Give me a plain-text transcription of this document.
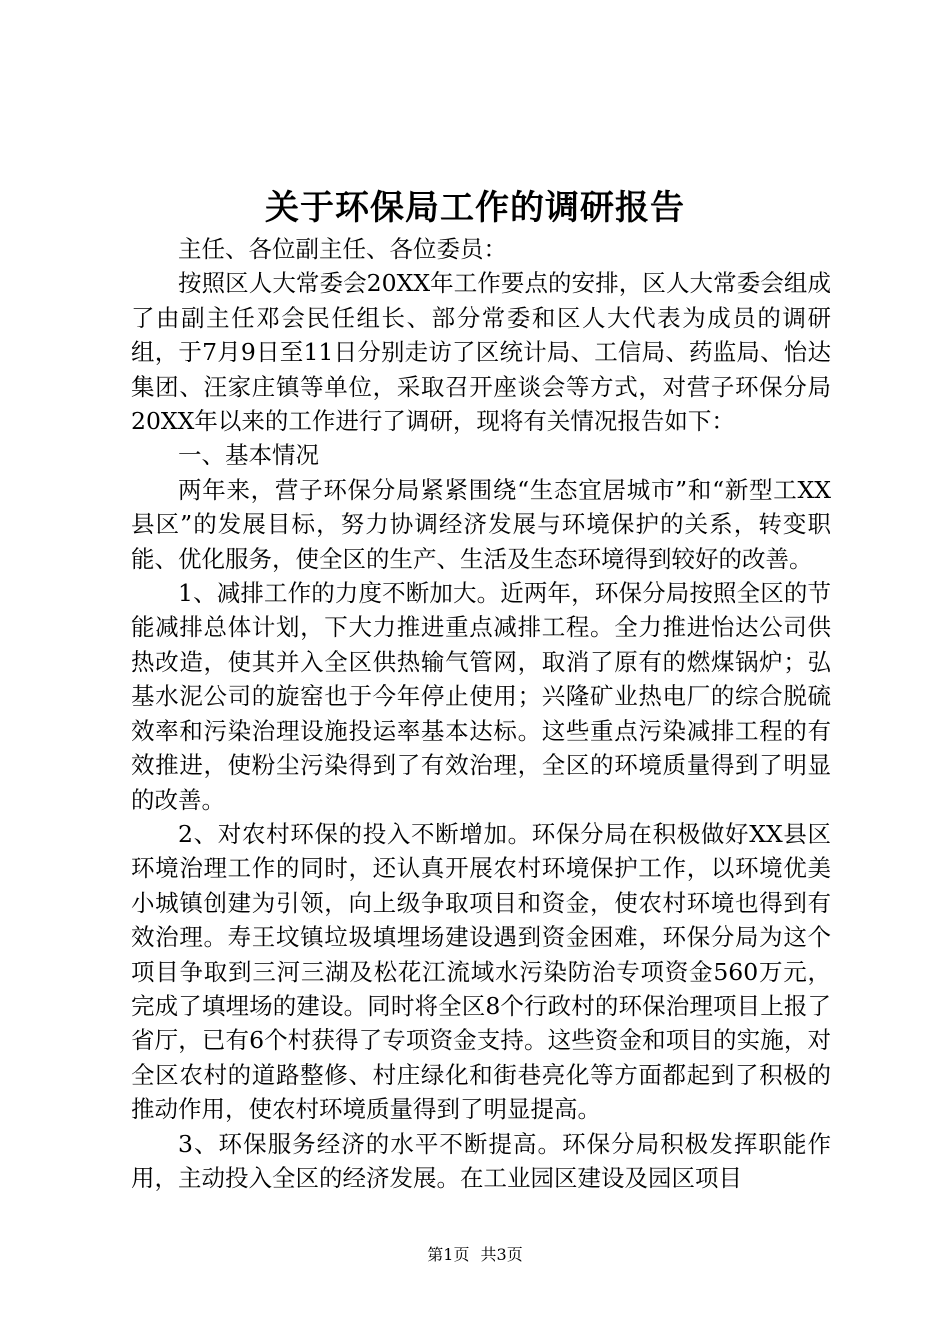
关于环保局工作的调研报告

主任、各位副主任、各位委员：

按照区人大常委会20XX年工作要点的安排，区人大常委会组成了由副主任邓会民任组长、部分常委和区人大代表为成员的调研组，于7月9日至11日分别走访了区统计局、工信局、药监局、怡达集团、汪家庄镇等单位，采取召开座谈会等方式，对营子环保分局20XX年以来的工作进行了调研，现将有关情况报告如下：

一、基本情况

两年来，营子环保分局紧紧围绕“生态宜居城市”和“新型工XX县区”的发展目标，努力协调经济发展与环境保护的关系，转变职能、优化服务，使全区的生产、生活及生态环境得到较好的改善。

1、减排工作的力度不断加大。近两年，环保分局按照全区的节能减排总体计划，下大力推进重点减排工程。全力推进怡达公司供热改造，使其并入全区供热输气管网，取消了原有的燃煤锅炉；弘基水泥公司的旋窑也于今年停止使用；兴隆矿业热电厂的综合脱硫效率和污染治理设施投运率基本达标。这些重点污染减排工程的有效推进，使粉尘污染得到了有效治理，全区的环境质量得到了明显的改善。

2、对农村环保的投入不断增加。环保分局在积极做好XX县区环境治理工作的同时，还认真开展农村环境保护工作，以环境优美小城镇创建为引领，向上级争取项目和资金，使农村环境也得到有效治理。寿王坟镇垃圾填埋场建设遇到资金困难，环保分局为这个项目争取到三河三湖及松花江流域水污染防治专项资金560万元，完成了填埋场的建设。同时将全区8个行政村的环保治理项目上报了省厅，已有6个村获得了专项资金支持。这些资金和项目的实施，对全区农村的道路整修、村庄绿化和街巷亮化等方面都起到了积极的推动作用，使农村环境质量得到了明显提高。

3、环保服务经济的水平不断提高。环保分局积极发挥职能作用，主动投入全区的经济发展。在工业园区建设及园区项目

第1页 共3页
